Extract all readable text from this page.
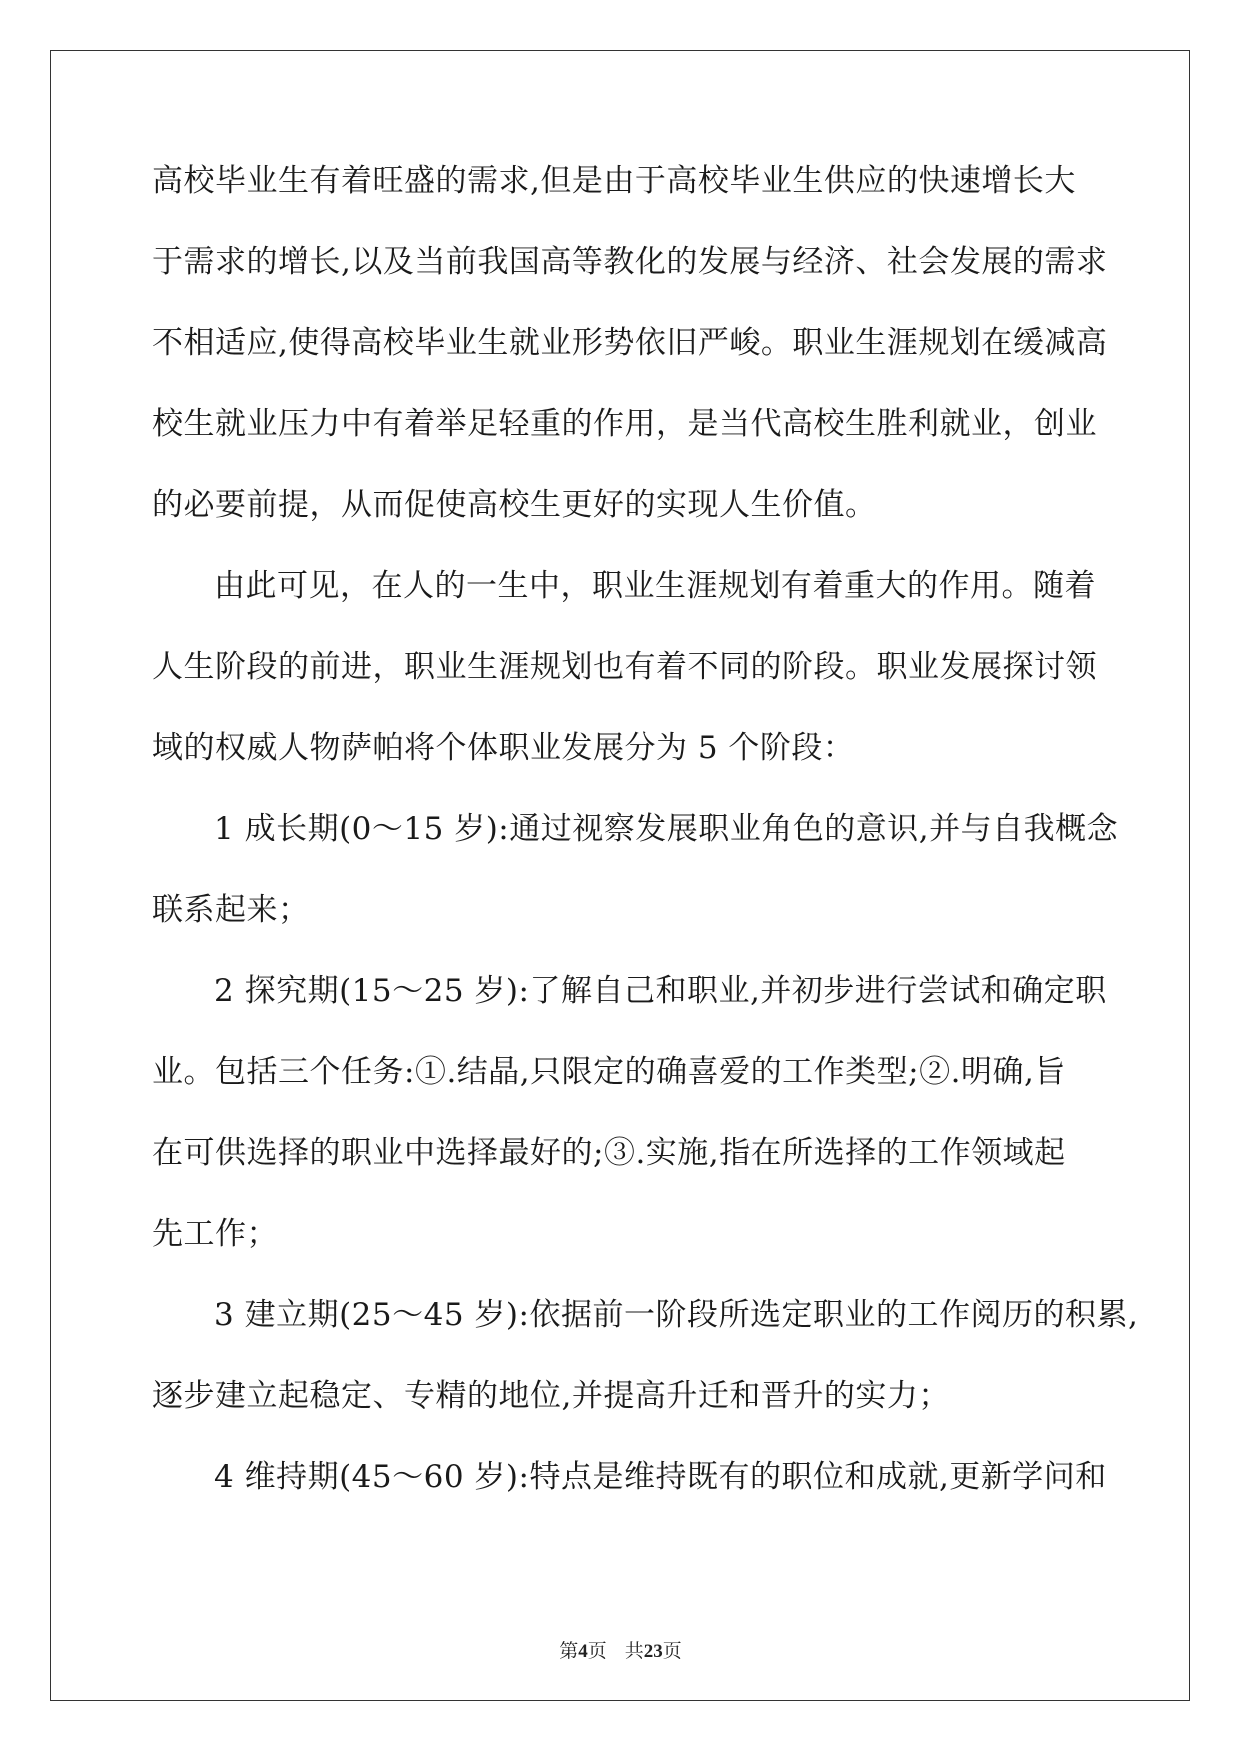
高校毕业生有着旺盛的需求,但是由于高校毕业生供应的快速增长大
于需求的增长,以及当前我国高等教化的发展与经济、社会发展的需求
不相适应,使得高校毕业生就业形势依旧严峻。职业生涯规划在缓减高
校生就业压力中有着举足轻重的作用，是当代高校生胜利就业，创业
的必要前提，从而促使高校生更好的实现人生价值。
由此可见，在人的一生中，职业生涯规划有着重大的作用。随着
人生阶段的前进，职业生涯规划也有着不同的阶段。职业发展探讨领
域的权威人物萨帕将个体职业发展分为 5 个阶段：
1 成长期(0～15 岁):通过视察发展职业角色的意识,并与自我概念
联系起来；
2 探究期(15～25 岁):了解自己和职业,并初步进行尝试和确定职
业。包括三个任务:①.结晶,只限定的确喜爱的工作类型;②.明确,旨
在可供选择的职业中选择最好的;③.实施,指在所选择的工作领域起
先工作；
3 建立期(25～45 岁):依据前一阶段所选定职业的工作阅历的积累,
逐步建立起稳定、专精的地位,并提高升迁和晋升的实力；
4 维持期(45～60 岁):特点是维持既有的职位和成就,更新学问和
第4页 共23页
